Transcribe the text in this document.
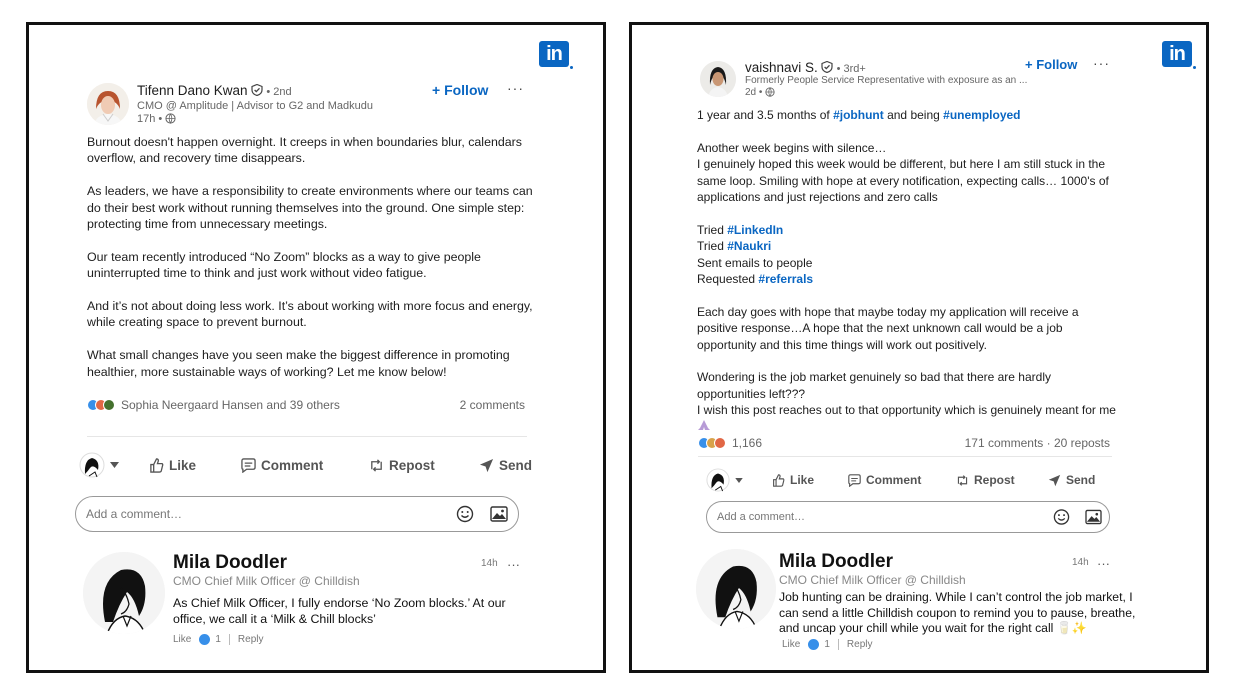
in
Tifenn Dano Kwan • 2nd
CMO @ Amplitude | Advisor to G2 and Madkudu
17h •
+ Follow ···

Burnout doesn't happen overnight. It creeps in when boundaries blur, calendars overflow, and recovery time disappears.

As leaders, we have a responsibility to create environments where our teams can do their best work without running themselves into the ground. One simple step: protecting time from unnecessary meetings.

Our team recently introduced “No Zoom” blocks as a way to give people uninterrupted time to think and just work without video fatigue.

And it’s not about doing less work. It’s about working with more focus and energy, while creating space to prevent burnout.

What small changes have you seen make the biggest difference in promoting healthier, more sustainable ways of working? Let me know below!

Sophia Neergaard Hansen and 39 others	2 comments
Like	Comment	Repost	Send
Add a comment…
Mila Doodler
CMO Chief Milk Officer @ Chilldish
14h ···
As Chief Milk Officer, I fully endorse ‘No Zoom blocks.’ At our office, we call it a ‘Milk & Chill blocks’
Like 1 Reply
in
vaishnavi S. • 3rd+
Formerly People Service Representative with exposure as an ...
2d •
+ Follow ···

1 year and 3.5 months of #jobhunt and being #unemployed

Another week begins with silence…
I genuinely hoped this week would be different, but here I am still stuck in the same loop. Smiling with hope at every notification, expecting calls… 1000's of applications and just rejections and zero calls

Tried #LinkedIn

Tried #Naukri

Sent emails to people

Requested #referrals

Each day goes with hope that maybe today my application will receive a positive response…A hope that the next unknown call would be a job opportunity and this time things will work out positively.

Wondering is the job market genuinely so bad that there are hardly opportunities left???
I wish this post reaches out to that opportunity which is genuinely meant for me

1,166	171 comments · 20 reposts
Like	Comment	Repost	Send
Add a comment…
Mila Doodler
CMO Chief Milk Officer @ Chilldish
14h ···
Job hunting can be draining. While I can’t control the job market, I can send a little Chilldish coupon to remind you to pause, breathe, and uncap your chill while you wait for the right call 🥛✨
Like 1 Reply
